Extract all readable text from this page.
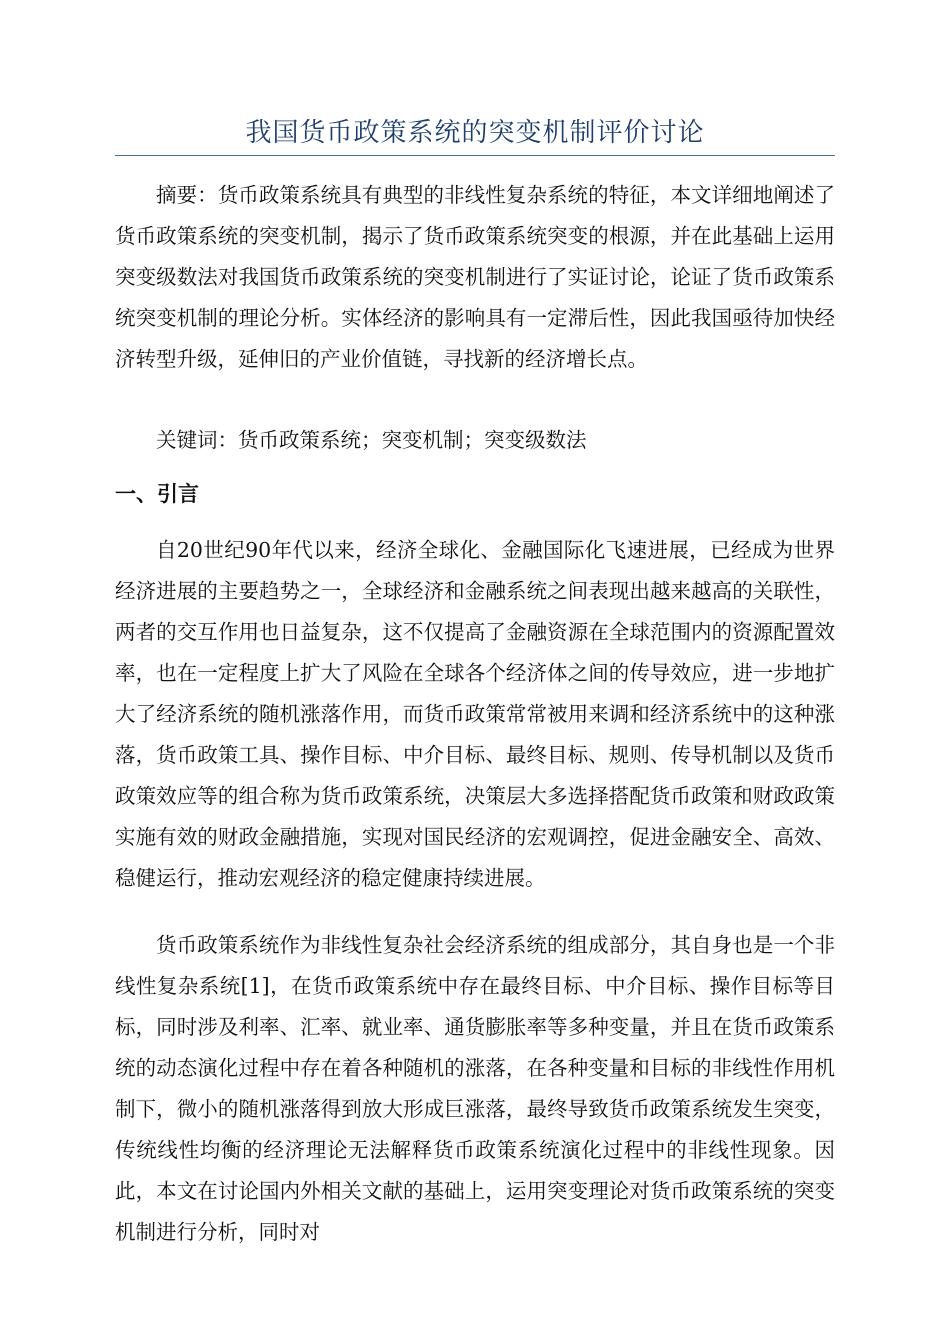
我国货币政策系统的突变机制评价讨论

摘要：货币政策系统具有典型的非线性复杂系统的特征，本文详细地阐述了货币政策系统的突变机制，揭示了货币政策系统突变的根源，并在此基础上运用突变级数法对我国货币政策系统的突变机制进行了实证讨论，论证了货币政策系统突变机制的理论分析。实体经济的影响具有一定滞后性，因此我国亟待加快经济转型升级，延伸旧的产业价值链，寻找新的经济增长点。

关键词：货币政策系统；突变机制；突变级数法

一、引言

自20世纪90年代以来，经济全球化、金融国际化飞速进展，已经成为世界经济进展的主要趋势之一，全球经济和金融系统之间表现出越来越高的关联性，两者的交互作用也日益复杂，这不仅提高了金融资源在全球范围内的资源配置效率，也在一定程度上扩大了风险在全球各个经济体之间的传导效应，进一步地扩大了经济系统的随机涨落作用，而货币政策常常被用来调和经济系统中的这种涨落，货币政策工具、操作目标、中介目标、最终目标、规则、传导机制以及货币政策效应等的组合称为货币政策系统，决策层大多选择搭配货币政策和财政政策实施有效的财政金融措施，实现对国民经济的宏观调控，促进金融安全、高效、稳健运行，推动宏观经济的稳定健康持续进展。

货币政策系统作为非线性复杂社会经济系统的组成部分，其自身也是一个非线性复杂系统[1]，在货币政策系统中存在最终目标、中介目标、操作目标等目标，同时涉及利率、汇率、就业率、通货膨胀率等多种变量，并且在货币政策系统的动态演化过程中存在着各种随机的涨落，在各种变量和目标的非线性作用机制下，微小的随机涨落得到放大形成巨涨落，最终导致货币政策系统发生突变，传统线性均衡的经济理论无法解释货币政策系统演化过程中的非线性现象。因此，本文在讨论国内外相关文献的基础上，运用突变理论对货币政策系统的突变机制进行分析，同时对
